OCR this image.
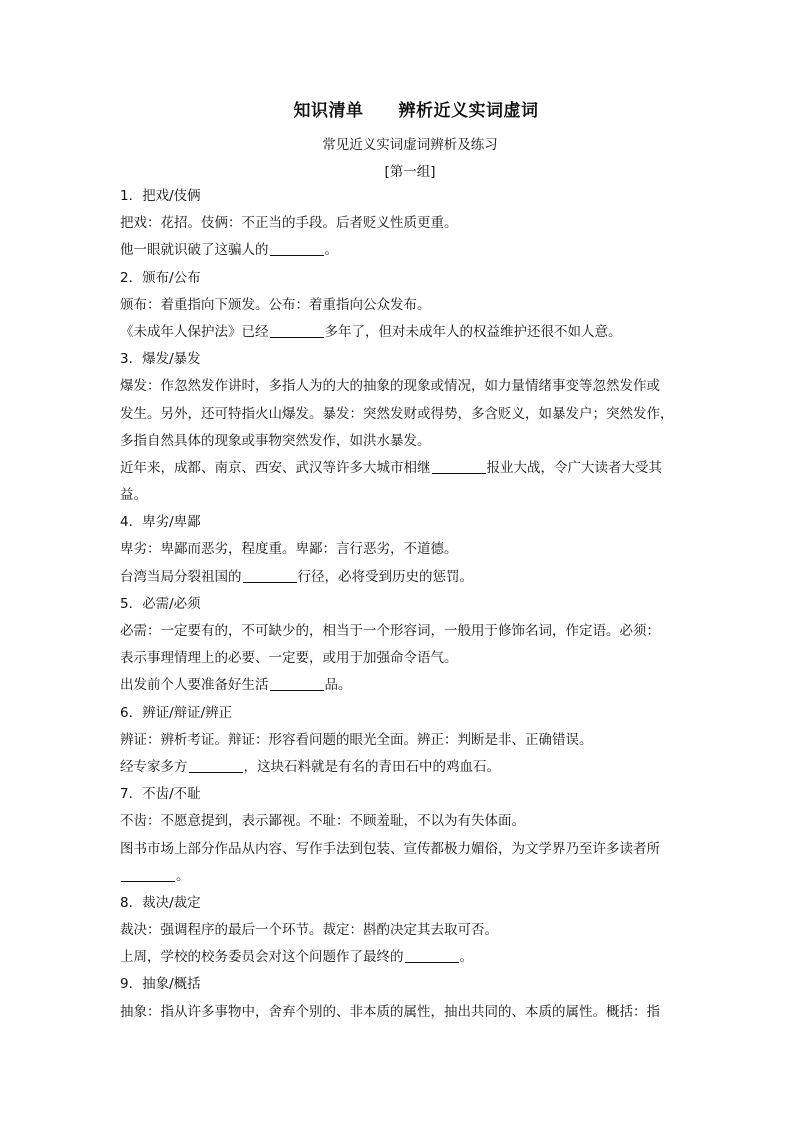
知识清单　　辨析近义实词虚词
常见近义实词虚词辨析及练习
[第一组]
1．把戏/伎俩
把戏：花招。伎俩：不正当的手段。后者贬义性质更重。
他一眼就识破了这骗人的	。
2．颁布/公布
颁布：着重指向下颁发。公布：着重指向公众发布。
《未成年人保护法》已经	多年了，但对未成年人的权益维护还很不如人意。
3．爆发/暴发
爆发：作忽然发作讲时，多指人为的大的抽象的现象或情况，如力量情绪事变等忽然发作或
发生。另外，还可特指火山爆发。暴发：突然发财或得势，多含贬义，如暴发户；突然发作，
多指自然具体的现象或事物突然发作，如洪水暴发。
近年来，成都、南京、西安、武汉等许多大城市相继	报业大战，令广大读者大受其
益。
4．卑劣/卑鄙
卑劣：卑鄙而恶劣，程度重。卑鄙：言行恶劣，不道德。
台湾当局分裂祖国的	行径，必将受到历史的惩罚。
5．必需/必须
必需：一定要有的，不可缺少的，相当于一个形容词，一般用于修饰名词，作定语。必须：
表示事理情理上的必要、一定要，或用于加强命令语气。
出发前个人要准备好生活	品。
6．辨证/辩证/辨正
辨证：辨析考证。辩证：形容看问题的眼光全面。辨正：判断是非、正确错误。
经专家多方	，这块石料就是有名的青田石中的鸡血石。
7．不齿/不耻
不齿：不愿意提到，表示鄙视。不耻：不顾羞耻，不以为有失体面。
图书市场上部分作品从内容、写作手法到包装、宣传都极力媚俗，为文学界乃至许多读者所
。
8．裁决/裁定
裁决：强调程序的最后一个环节。裁定：斟酌决定其去取可否。
上周，学校的校务委员会对这个问题作了最终的	。
9．抽象/概括
抽象：指从许多事物中，舍弃个别的、非本质的属性，抽出共同的、本质的属性。概括：指
